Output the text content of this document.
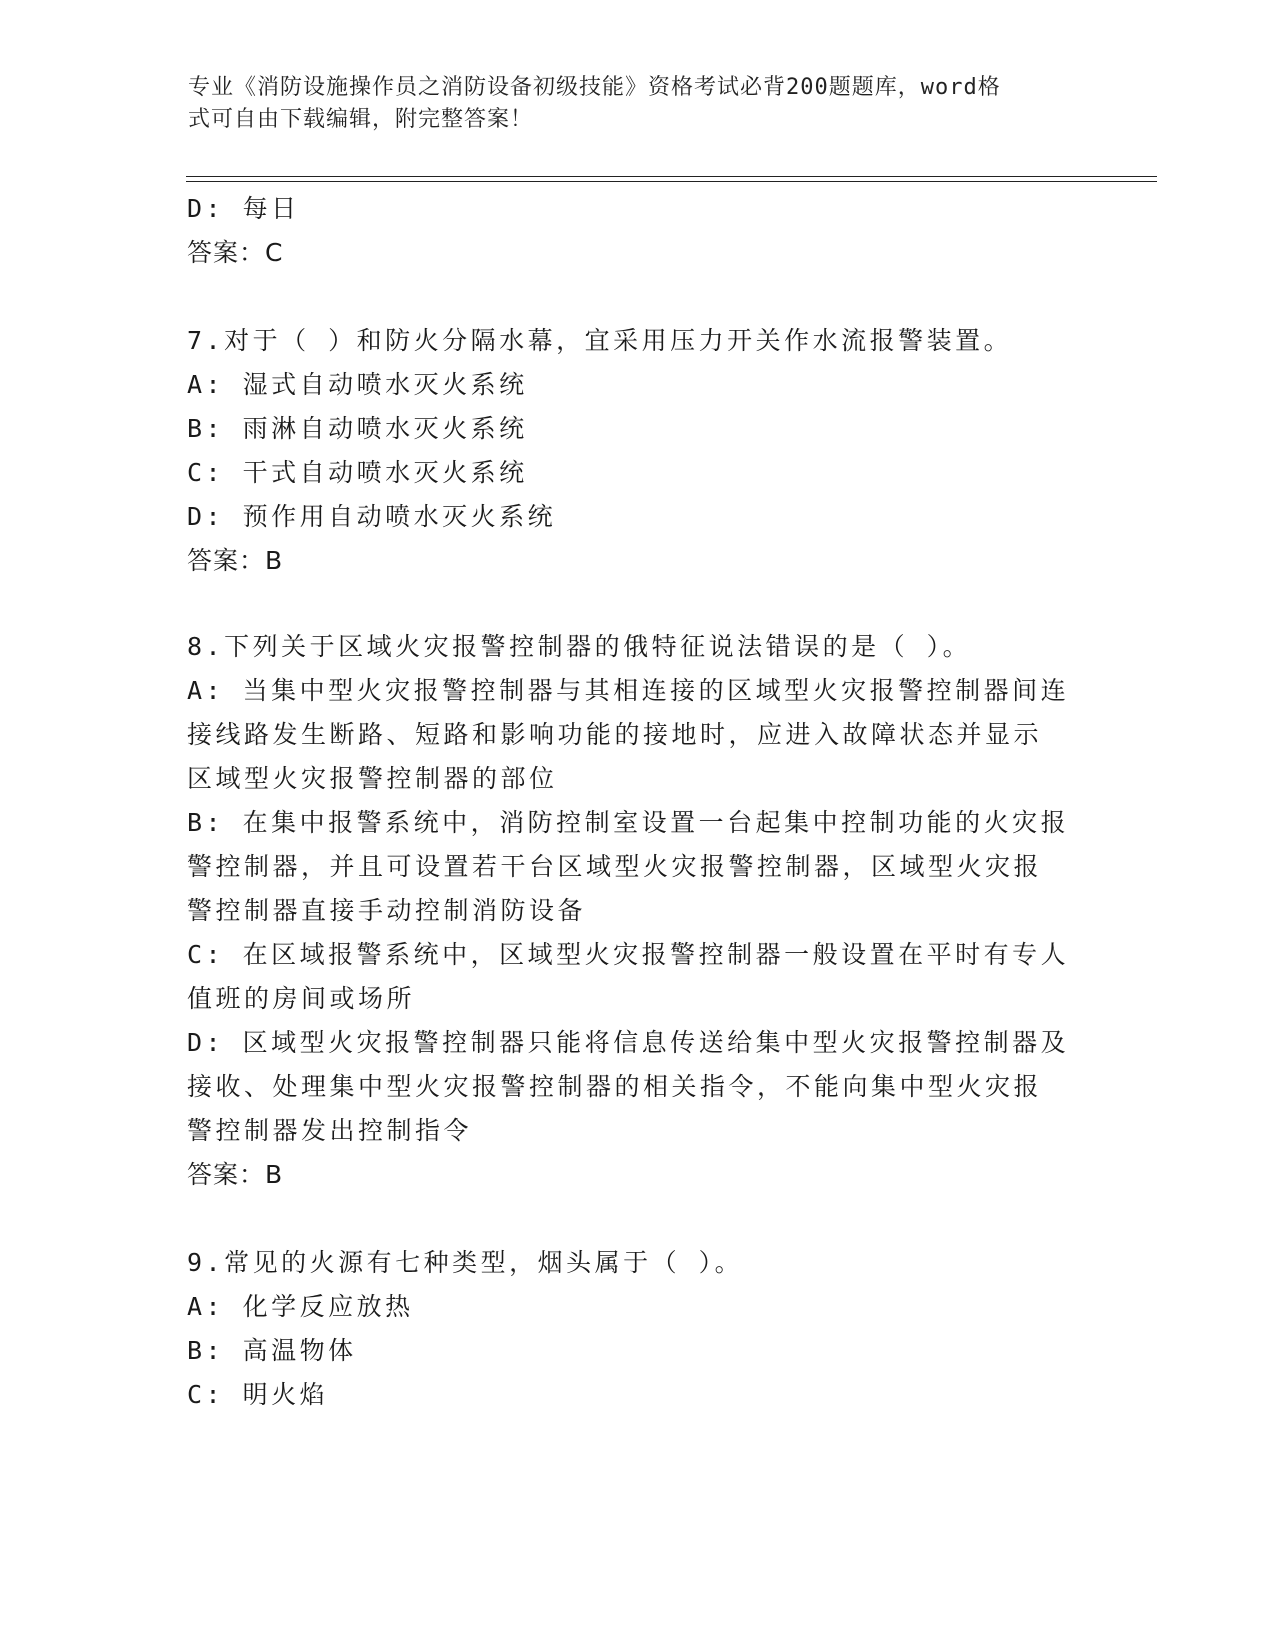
专业《消防设施操作员之消防设备初级技能》资格考试必背200题题库，word格
式可自由下载编辑，附完整答案！
D: 每日
答案：C
7.对于（ ）和防火分隔水幕，宜采用压力开关作水流报警装置。
A: 湿式自动喷水灭火系统
B: 雨淋自动喷水灭火系统
C: 干式自动喷水灭火系统
D: 预作用自动喷水灭火系统
答案：B
8.下列关于区域火灾报警控制器的俄特征说法错误的是（ ）。
A: 当集中型火灾报警控制器与其相连接的区域型火灾报警控制器间连
接线路发生断路、短路和影响功能的接地时，应进入故障状态并显示
区域型火灾报警控制器的部位
B: 在集中报警系统中，消防控制室设置一台起集中控制功能的火灾报
警控制器，并且可设置若干台区域型火灾报警控制器，区域型火灾报
警控制器直接手动控制消防设备
C: 在区域报警系统中，区域型火灾报警控制器一般设置在平时有专人
值班的房间或场所
D: 区域型火灾报警控制器只能将信息传送给集中型火灾报警控制器及
接收、处理集中型火灾报警控制器的相关指令，不能向集中型火灾报
警控制器发出控制指令
答案：B
9.常见的火源有七种类型，烟头属于（ ）。
A: 化学反应放热
B: 高温物体
C: 明火焰
